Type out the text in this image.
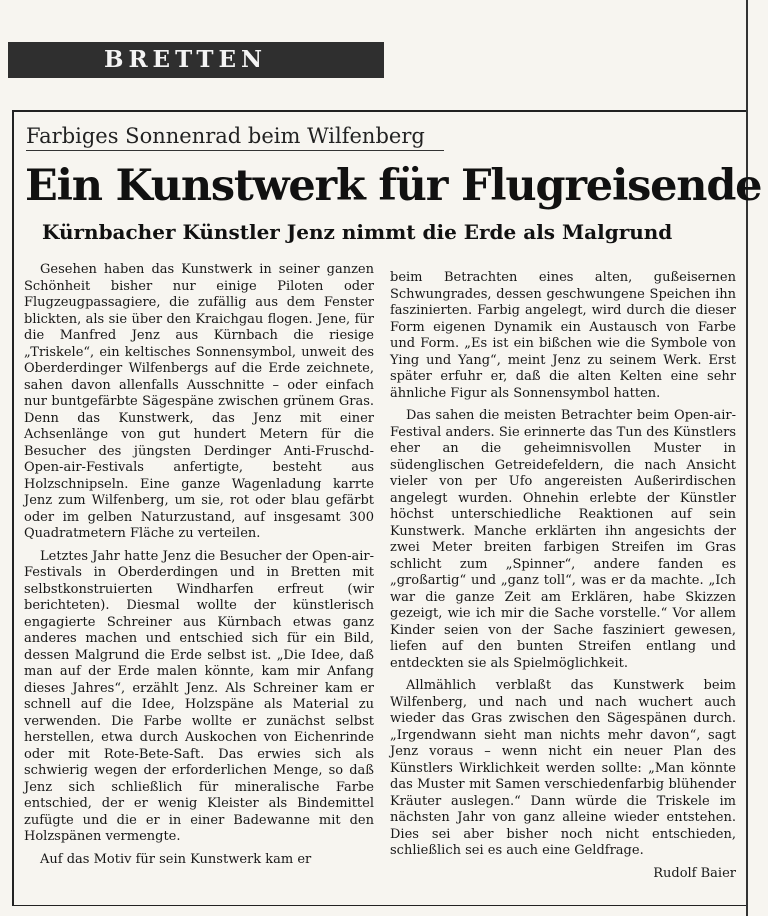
BRETTEN
Farbiges Sonnenrad beim Wilfenberg
Ein Kunstwerk für Flugreisende
Kürnbacher Künstler Jenz nimmt die Erde als Malgrund

Gesehen haben das Kunstwerk in seiner ganzen Schönheit bisher nur einige Piloten oder Flugzeugpassagiere, die zufällig aus dem Fenster blickten, als sie über den Kraichgau flogen. Jene, für die Manfred Jenz aus Kürnbach die riesige „Triskele“, ein keltisches Sonnensymbol, unweit des Oberderdinger Wilfenbergs auf die Erde zeichnete, sahen davon allenfalls Ausschnitte – oder einfach nur buntgefärbte Sägespäne zwischen grünem Gras. Denn das Kunstwerk, das Jenz mit einer Achsenlänge von gut hundert Metern für die Besucher des jüngsten Derdinger Anti-Fruschd-Open-air-Festivals anfertigte, besteht aus Holzschnipseln. Eine ganze Wagenladung karrte Jenz zum Wilfenberg, um sie, rot oder blau gefärbt oder im gelben Naturzustand, auf insgesamt 300 Quadratmetern Fläche zu verteilen.

Letztes Jahr hatte Jenz die Besucher der Open-air-Festivals in Oberderdingen und in Bretten mit selbstkonstruierten Windharfen erfreut (wir berichteten). Diesmal wollte der künstlerisch engagierte Schreiner aus Kürnbach etwas ganz anderes machen und entschied sich für ein Bild, dessen Malgrund die Erde selbst ist. „Die Idee, daß man auf der Erde malen könnte, kam mir Anfang dieses Jahres“, erzählt Jenz. Als Schreiner kam er schnell auf die Idee, Holzspäne als Material zu verwenden. Die Farbe wollte er zunächst selbst herstellen, etwa durch Auskochen von Eichenrinde oder mit Rote-Bete-Saft. Das erwies sich als schwierig wegen der erforderlichen Menge, so daß Jenz sich schließlich für mineralische Farbe entschied, der er wenig Kleister als Bindemittel zufügte und die er in einer Badewanne mit den Holzspänen vermengte.

Auf das Motiv für sein Kunstwerk kam er

beim Betrachten eines alten, gußeisernen Schwungrades, dessen geschwungene Speichen ihn faszinierten. Farbig angelegt, wird durch die dieser Form eigenen Dynamik ein Austausch von Farbe und Form. „Es ist ein bißchen wie die Symbole von Ying und Yang“, meint Jenz zu seinem Werk. Erst später erfuhr er, daß die alten Kelten eine sehr ähnliche Figur als Sonnensymbol hatten.

Das sahen die meisten Betrachter beim Open-air-Festival anders. Sie erinnerte das Tun des Künstlers eher an die geheimnisvollen Muster in südenglischen Getreidefeldern, die nach Ansicht vieler von per Ufo angereisten Außerirdischen angelegt wurden. Ohnehin erlebte der Künstler höchst unterschiedliche Reaktionen auf sein Kunstwerk. Manche erklärten ihn angesichts der zwei Meter breiten farbigen Streifen im Gras schlicht zum „Spinner“, andere fanden es „großartig“ und „ganz toll“, was er da machte. „Ich war die ganze Zeit am Erklären, habe Skizzen gezeigt, wie ich mir die Sache vorstelle.“ Vor allem Kinder seien von der Sache fasziniert gewesen, liefen auf den bunten Streifen entlang und entdeckten sie als Spielmöglichkeit.

Allmählich verblaßt das Kunstwerk beim Wilfenberg, und nach und nach wuchert auch wieder das Gras zwischen den Sägespänen durch. „Irgendwann sieht man nichts mehr davon“, sagt Jenz voraus – wenn nicht ein neuer Plan des Künstlers Wirklichkeit werden sollte: „Man könnte das Muster mit Samen verschiedenfarbig blühender Kräuter auslegen.“ Dann würde die Triskele im nächsten Jahr von ganz alleine wieder entstehen. Dies sei aber bisher noch nicht entschieden, schließlich sei es auch eine Geldfrage.

Rudolf Baier
